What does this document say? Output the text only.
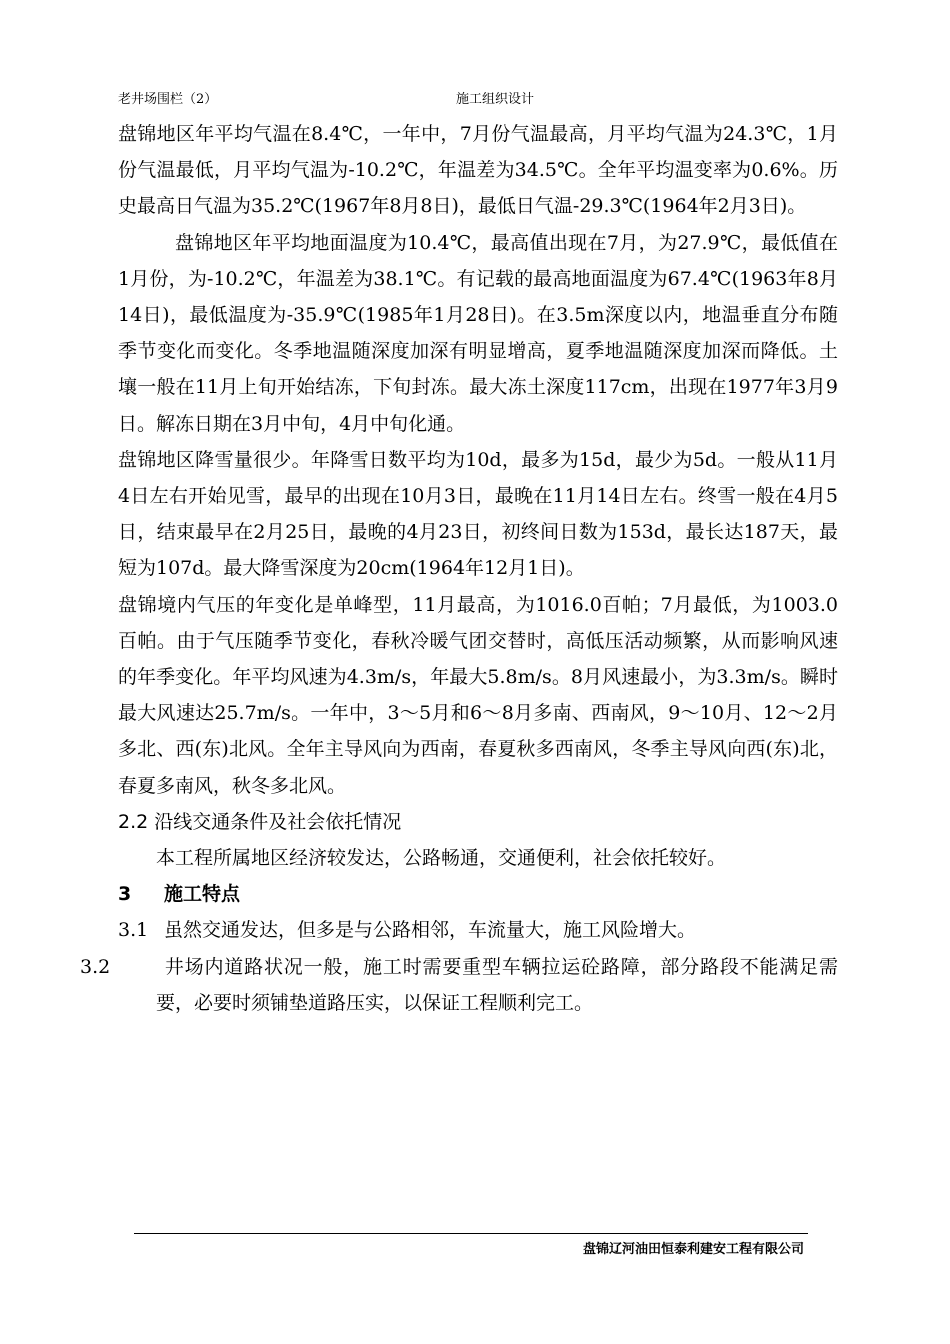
老井场围栏（2）	施工组织设计

盘锦地区年平均气温在8.4℃，一年中，7月份气温最高，月平均气温为24.3℃，1月份气温最低，月平均气温为-10.2℃，年温差为34.5℃。全年平均温变率为0.6%。历史最高日气温为35.2℃(1967年8月8日)，最低日气温-29.3℃(1964年2月3日)。

盘锦地区年平均地面温度为10.4℃，最高值出现在7月，为27.9℃，最低值在1月份，为-10.2℃，年温差为38.1℃。有记载的最高地面温度为67.4℃(1963年8月14日)，最低温度为-35.9℃(1985年1月28日)。在3.5m深度以内，地温垂直分布随季节变化而变化。冬季地温随深度加深有明显增高，夏季地温随深度加深而降低。土壤一般在11月上旬开始结冻，下旬封冻。最大冻土深度117cm，出现在1977年3月9日。解冻日期在3月中旬，4月中旬化通。

盘锦地区降雪量很少。年降雪日数平均为10d，最多为15d，最少为5d。一般从11月4日左右开始见雪，最早的出现在10月3日，最晚在11月14日左右。终雪一般在4月5日，结束最早在2月25日，最晚的4月23日，初终间日数为153d，最长达187天，最短为107d。最大降雪深度为20cm(1964年12月1日)。

盘锦境内气压的年变化是单峰型，11月最高，为1016.0百帕；7月最低，为1003.0百帕。由于气压随季节变化，春秋冷暖气团交替时，高低压活动频繁，从而影响风速的年季变化。年平均风速为4.3m/s，年最大5.8m/s。8月风速最小，为3.3m/s。瞬时最大风速达25.7m/s。一年中，3～5月和6～8月多南、西南风，9～10月、12～2月多北、西(东)北风。全年主导风向为西南，春夏秋多西南风，冬季主导风向西(东)北，春夏多南风，秋冬多北风。

2.2 沿线交通条件及社会依托情况

本工程所属地区经济较发达，公路畅通，交通便利，社会依托较好。

3 施工特点

3.1 虽然交通发达，但多是与公路相邻，车流量大，施工风险增大。

3.2	井场内道路状况一般，施工时需要重型车辆拉运砼路障，部分路段不能满足需要，必要时须铺垫道路压实，以保证工程顺利完工。

盘锦辽河油田恒泰利建安工程有限公司
